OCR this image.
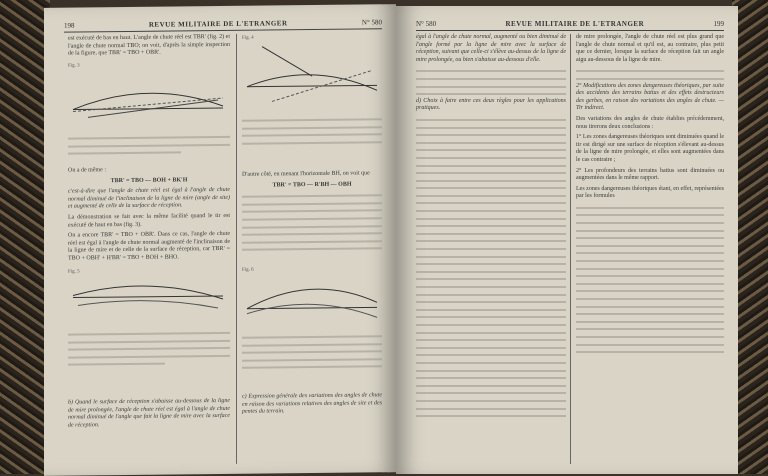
198	REVUE MILITAIRE DE L'ETRANGER	N° 580

est exécuté de bas en haut. L'angle de chute réel est TBR' (fig. 2) et l'angle de chute normal TBO; on voit, d'après la simple inspection de la figure, que TBR' = TBO + OBR'.

Fig. 3

On a de même :

TBR' = TBO — BOH + BK'H

c'est-à-dire que l'angle de chute réel est égal à l'angle de chute normal diminué de l'inclinaison de la ligne de mire (angle de site) et augmenté de celle de la surface de réception.

La démonstration se fait avec la même facilité quand le tir est exécuté de haut en bas (fig. 3).

On a encore TBR' = TBO + OBR'. Dans ce cas, l'angle de chute réel est égal à l'angle de chute normal augmenté de l'inclinaison de la ligne de mire et de celle de la surface de réception, car TBR' = TBO + OBH' + H'BR' = TBO + BOH + BHO.

Fig. 5

b) Quand le surface de réception s'abaisse au-dessous de la ligne de mire prolongée, l'angle de chute réel est égal à l'angle de chute normal diminué de l'angle que fait la ligne de mire avec la surface de réception.

Fig. 4

D'autre côté, en menant l'horizontale BH, on voit que

TBR' = TBO — R'BH — OBH

Fig. 6

c) Expression générale des variations des angles de chute en raison des variations relatives des angles de site et des pentes du terrain.

N° 580	REVUE MILITAIRE DE L'ETRANGER	199

égal à l'angle de chute normal, augmenté ou bien diminué de l'angle formé par la ligne de mire avec la surface de réception, suivant que celle-ci s'élève au-dessus de la ligne de mire prolongée, ou bien s'abaisse au-dessous d'elle.

d) Choix à faire entre ces deux règles pour les applications pratiques.

de mire prolongée, l'angle de chute réel est plus grand que l'angle de chute normal et qu'il est, au contraire, plus petit que ce dernier, lorsque la surface de réception fait un angle aigu au-dessous de la ligne de mire.

2° Modifications des zones dangereuses théoriques, par suite des accidents des terrains battus et des effets destructeurs des gerbes, en raison des variations des angles de chute. — Tir indirect.

Des variations des angles de chute établies précédemment, nous tirerons deux conclusions :

1° Les zones dangereuses théoriques sont diminuées quand le tir est dirigé sur une surface de réception s'élevant au-dessus de la ligne de mire prolongée, et elles sont augmentées dans le cas contraire ;

2° Les profondeurs des terrains battus sont diminuées ou augmentées dans le même rapport.

Les zones dangereuses théoriques étant, en effet, représentées par les formules
